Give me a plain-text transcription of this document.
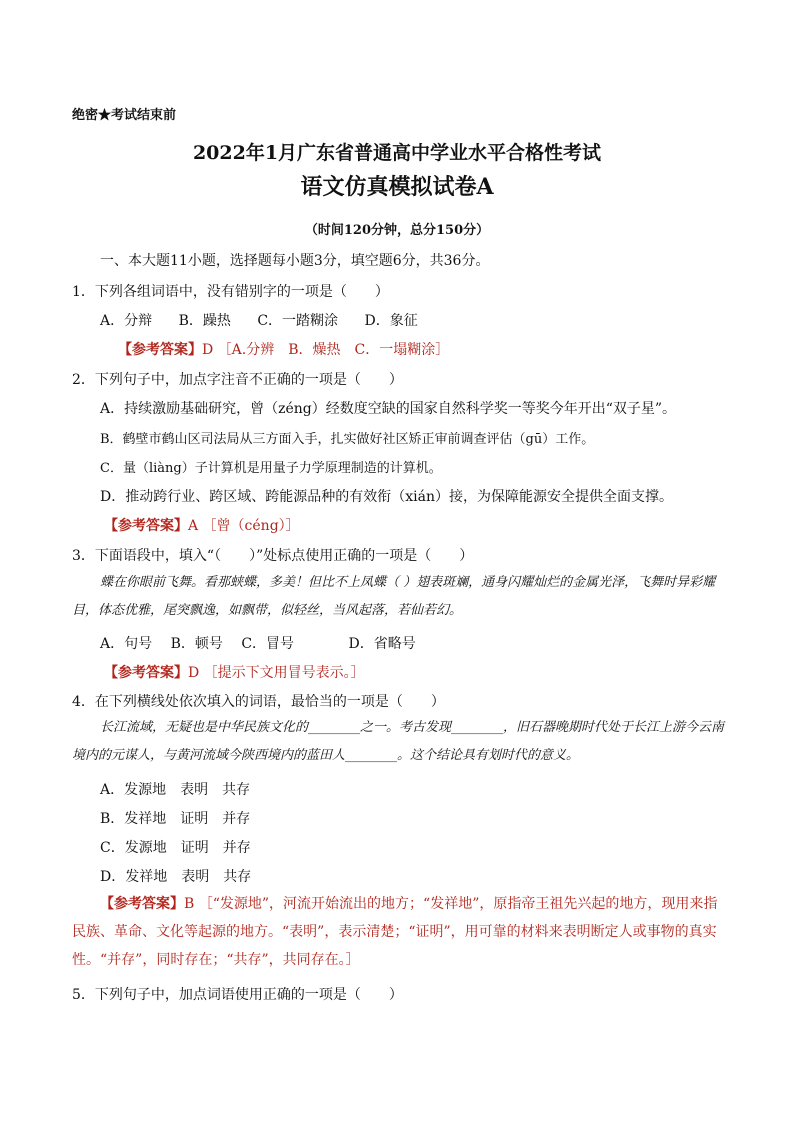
绝密★考试结束前
2022年1月广东省普通高中学业水平合格性考试
语文仿真模拟试卷A
（时间120分钟，总分150分）
一、本大题11小题，选择题每小题3分，填空题6分，共36分。
1．下列各组词语中，没有错别字的一项是（　　）
A．分辩 B．躁热 C．一踏糊涂 D．象征
【参考答案】D ［A.分辨　B．燥热　C．一塌糊涂］
2．下列句子中，加点字注音不正确的一项是（　　）
A．持续激励基础研究，曾（zéng）经数度空缺的国家自然科学奖一等奖今年开出“双子星”。
B．鹤壁市鹤山区司法局从三方面入手，扎实做好社区矫正审前调查评估（gū）工作。
C．量（liàng）子计算机是用量子力学原理制造的计算机。
D．推动跨行业、跨区域、跨能源品种的有效衔（xián）接，为保障能源安全提供全面支撑。
【参考答案】A ［曾（céng）］
3．下面语段中，填入“（　　）”处标点使用正确的一项是（　　）
蝶在你眼前飞舞。看那蛱蝶，多美！但比不上凤蝶（ ）翅表斑斓，通身闪耀灿烂的金属光泽，飞舞时异彩耀目，体态优雅，尾突飘逸，如飘带，似轻丝，当风起落，若仙若幻。
A．句号 B．顿号 C．冒号	D．省略号
【参考答案】D ［提示下文用冒号表示。］
4．在下列横线处依次填入的词语，最恰当的一项是（　　）
长江流域，无疑也是中华民族文化的________之一。考古发现________，旧石器晚期时代处于长江上游今云南境内的元谋人，与黄河流域今陕西境内的蓝田人________。这个结论具有划时代的意义。
A．发源地　表明　共存
B．发祥地　证明　并存
C．发源地　证明　并存
D．发祥地　表明　共存
【参考答案】B ［“发源地”，河流开始流出的地方；“发祥地”，原指帝王祖先兴起的地方，现用来指民族、革命、文化等起源的地方。“表明”，表示清楚；“证明”，用可靠的材料来表明断定人或事物的真实性。“并存”，同时存在；“共存”，共同存在。］
5．下列句子中，加点词语使用正确的一项是（　　）
